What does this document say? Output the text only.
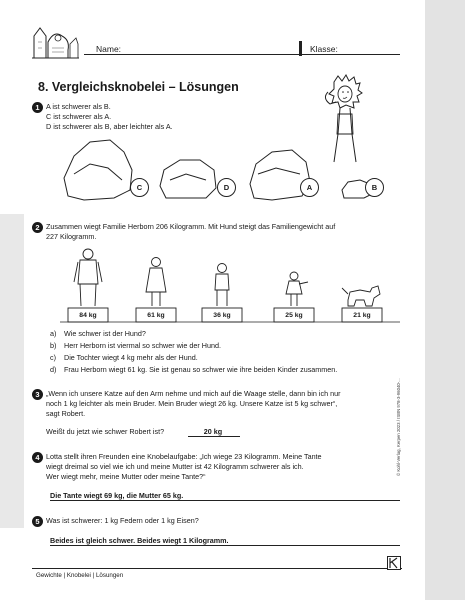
Name:	Klasse:
8. Vergleichsknobelei – Lösungen
1 A ist schwerer als B.
C ist schwerer als A.
D ist schwerer als B, aber leichter als A.
C	D	A	B
2 Zusammen wiegt Familie Herborn 206 Kilogramm. Mit Hund steigt das Familiengewicht auf
227 Kilogramm.
84 kg	61 kg	36 kg	25 kg	21 kg
a) Wie schwer ist der Hund?
b) Herr Herborn ist viermal so schwer wie der Hund.
c) Die Tochter wiegt 4 kg mehr als der Hund.
d) Frau Herborn wiegt 61 kg. Sie ist genau so schwer wie ihre beiden Kinder zusammen.
3 „Wenn ich unsere Katze auf den Arm nehme und mich auf die Waage stelle, dann bin ich nur
noch 1 kg leichter als mein Bruder. Mein Bruder wiegt 26 kg. Unsere Katze ist 5 kg schwer“,
sagt Robert.
Weißt du jetzt wie schwer Robert ist?	20 kg
4 Lotta stellt ihren Freunden eine Knobelaufgabe: „Ich wiege 23 Kilogramm. Meine Tante
wiegt dreimal so viel wie ich und meine Mutter ist 42 Kilogramm schwerer als ich.
Wer wiegt mehr, meine Mutter oder meine Tante?“
Die Tante wiegt 69 kg, die Mutter 65 kg.
5 Was ist schwerer: 1 kg Federn oder 1 kg Eisen?
Beides ist gleich schwer. Beides wiegt 1 Kilogramm.
© Kohl-Verlag, Kerpen 2023 / ISBN 978-3-96040-...
Gewichte | Knobelei | Lösungen
